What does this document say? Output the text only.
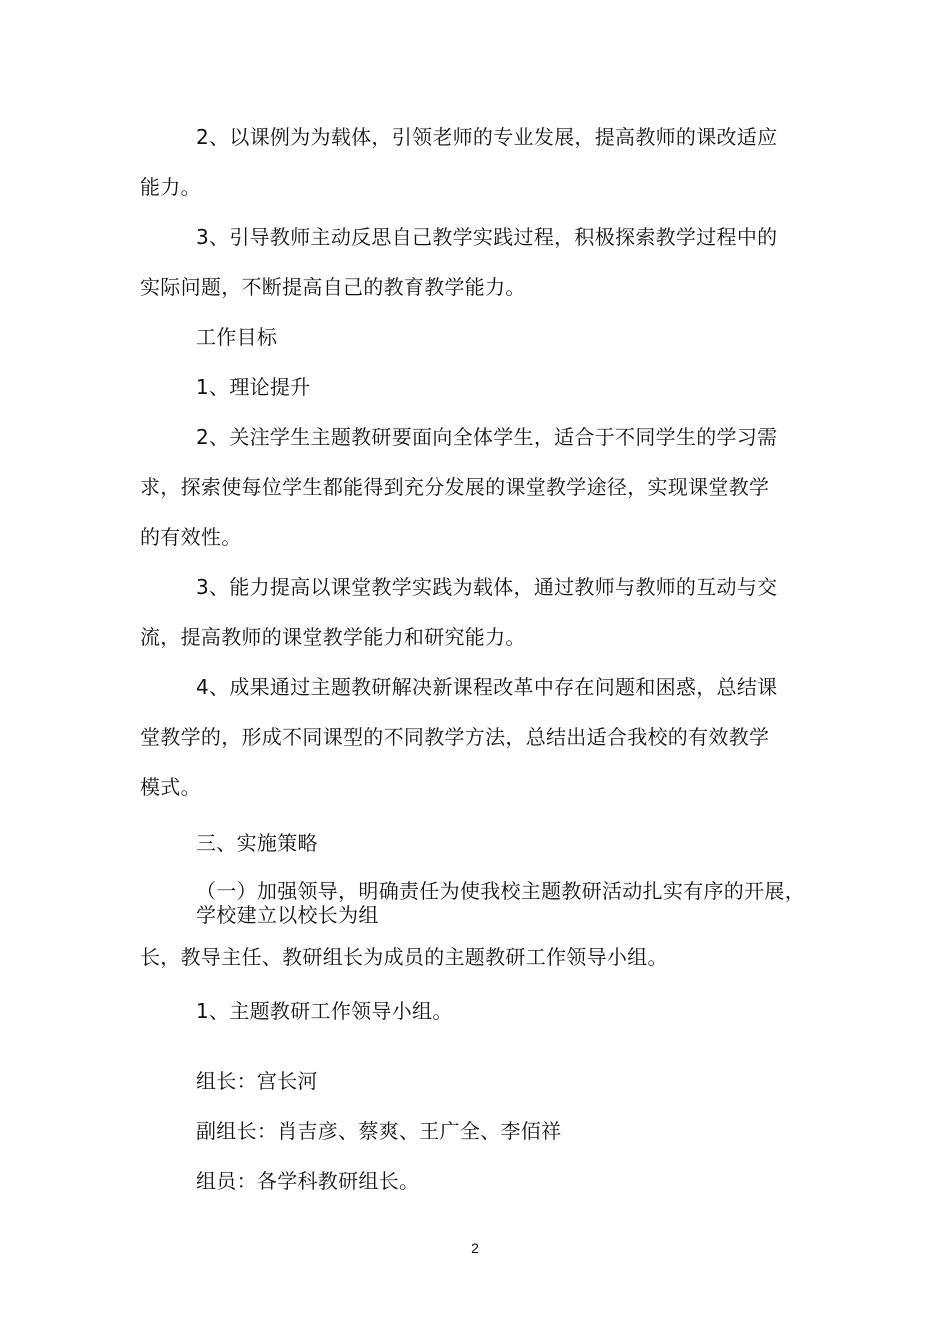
2、以课例为为载体，引领老师的专业发展，提高教师的课改适应
能力。
3、引导教师主动反思自己教学实践过程，积极探索教学过程中的
实际问题，不断提高自己的教育教学能力。
工作目标
1、理论提升
2、关注学生主题教研要面向全体学生，适合于不同学生的学习需
求，探索使每位学生都能得到充分发展的课堂教学途径，实现课堂教学
的有效性。
3、能力提高以课堂教学实践为载体，通过教师与教师的互动与交
流，提高教师的课堂教学能力和研究能力。
4、成果通过主题教研解决新课程改革中存在问题和困惑，总结课
堂教学的，形成不同课型的不同教学方法，总结出适合我校的有效教学
模式。
三、实施策略
（一）加强领导，明确责任为使我校主题教研活动扎实有序的开展，
学校建立以校长为组
长，教导主任、教研组长为成员的主题教研工作领导小组。
1、主题教研工作领导小组。
组长：宫长河
副组长：肖吉彦、蔡爽、王广全、李佰祥
组员：各学科教研组长。
2
